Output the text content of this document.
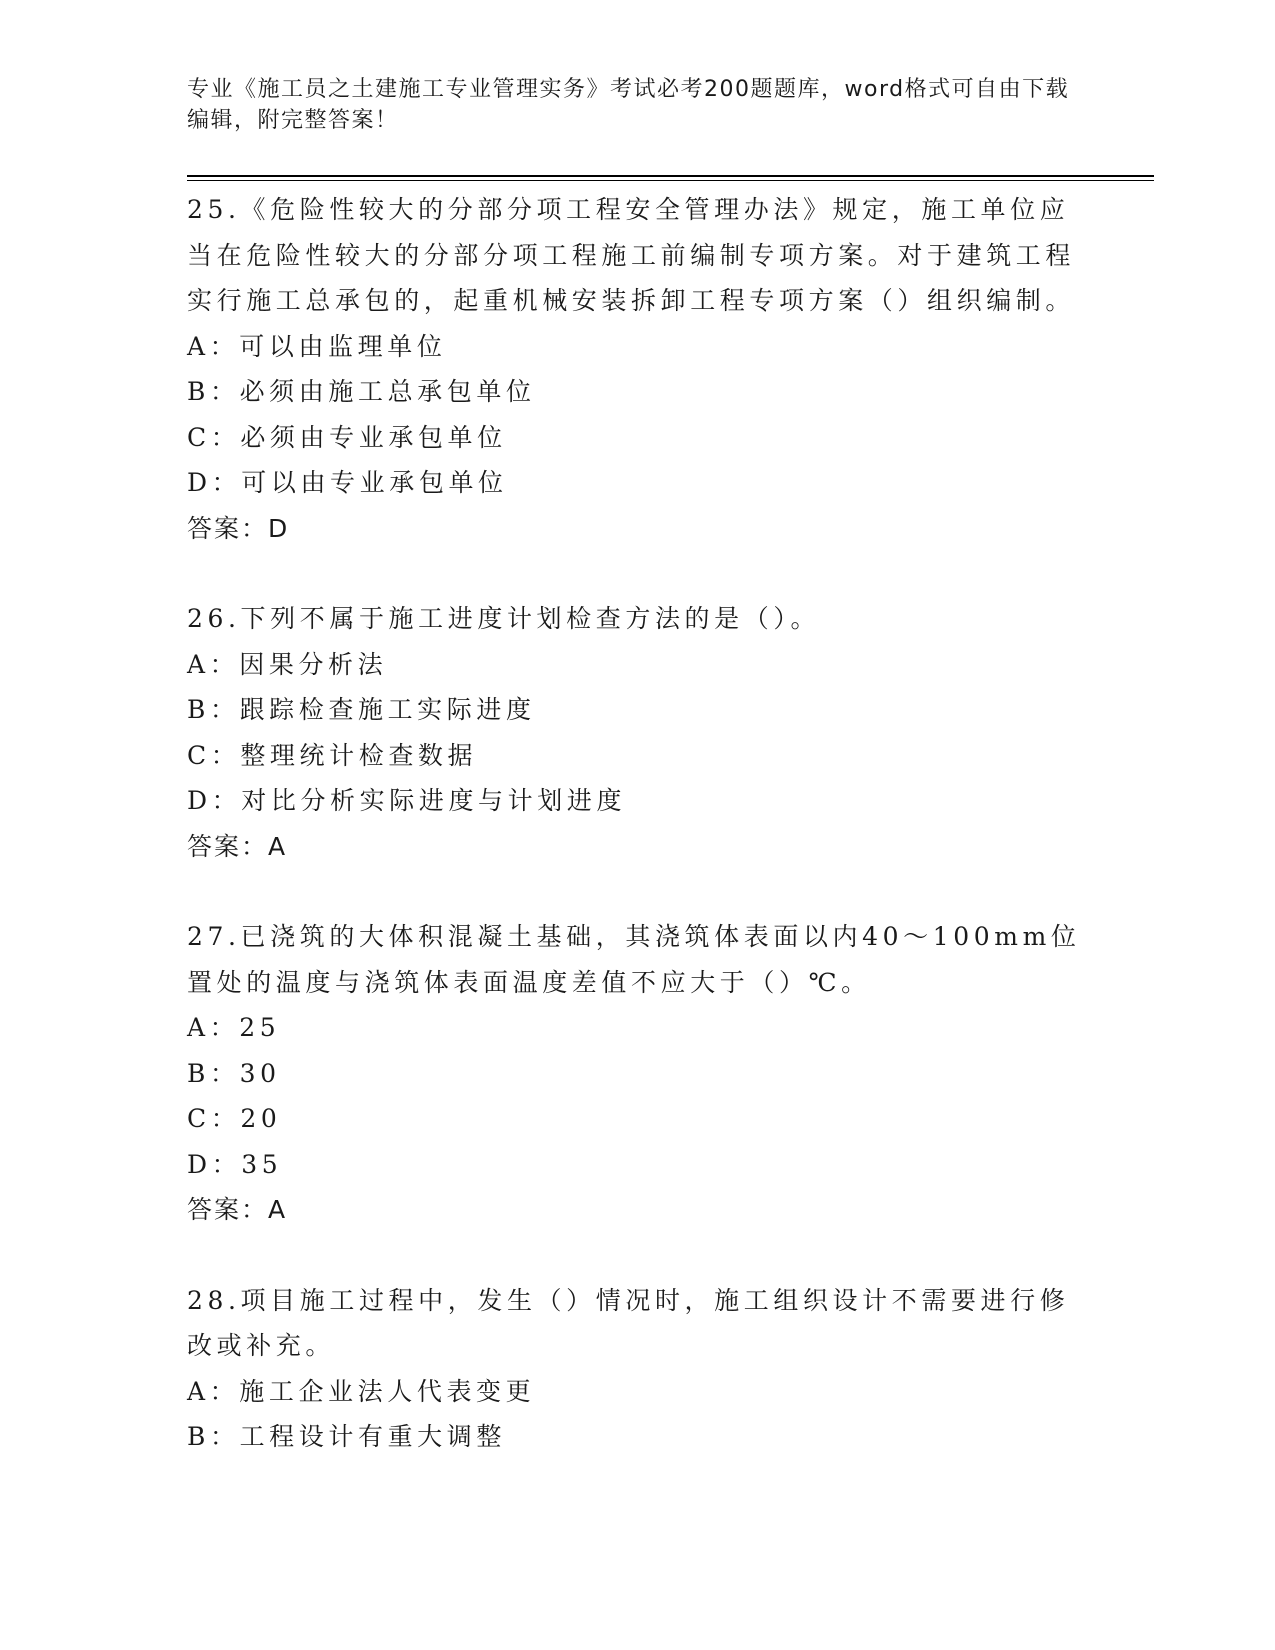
专业《施工员之土建施工专业管理实务》考试必考200题题库，word格式可自由下载编辑，附完整答案！

25.《危险性较大的分部分项工程安全管理办法》规定，施工单位应当在危险性较大的分部分项工程施工前编制专项方案。对于建筑工程实行施工总承包的，起重机械安装拆卸工程专项方案（）组织编制。

A：可以由监理单位

B：必须由施工总承包单位

C：必须由专业承包单位

D：可以由专业承包单位

答案：D

26.下列不属于施工进度计划检查方法的是（）。

A：因果分析法

B：跟踪检查施工实际进度

C：整理统计检查数据

D：对比分析实际进度与计划进度

答案：A

27.已浇筑的大体积混凝土基础，其浇筑体表面以内40～100mm位置处的温度与浇筑体表面温度差值不应大于（）℃。

A：25

B：30

C：20

D：35

答案：A

28.项目施工过程中，发生（）情况时，施工组织设计不需要进行修改或补充。

A：施工企业法人代表变更

B：工程设计有重大调整
